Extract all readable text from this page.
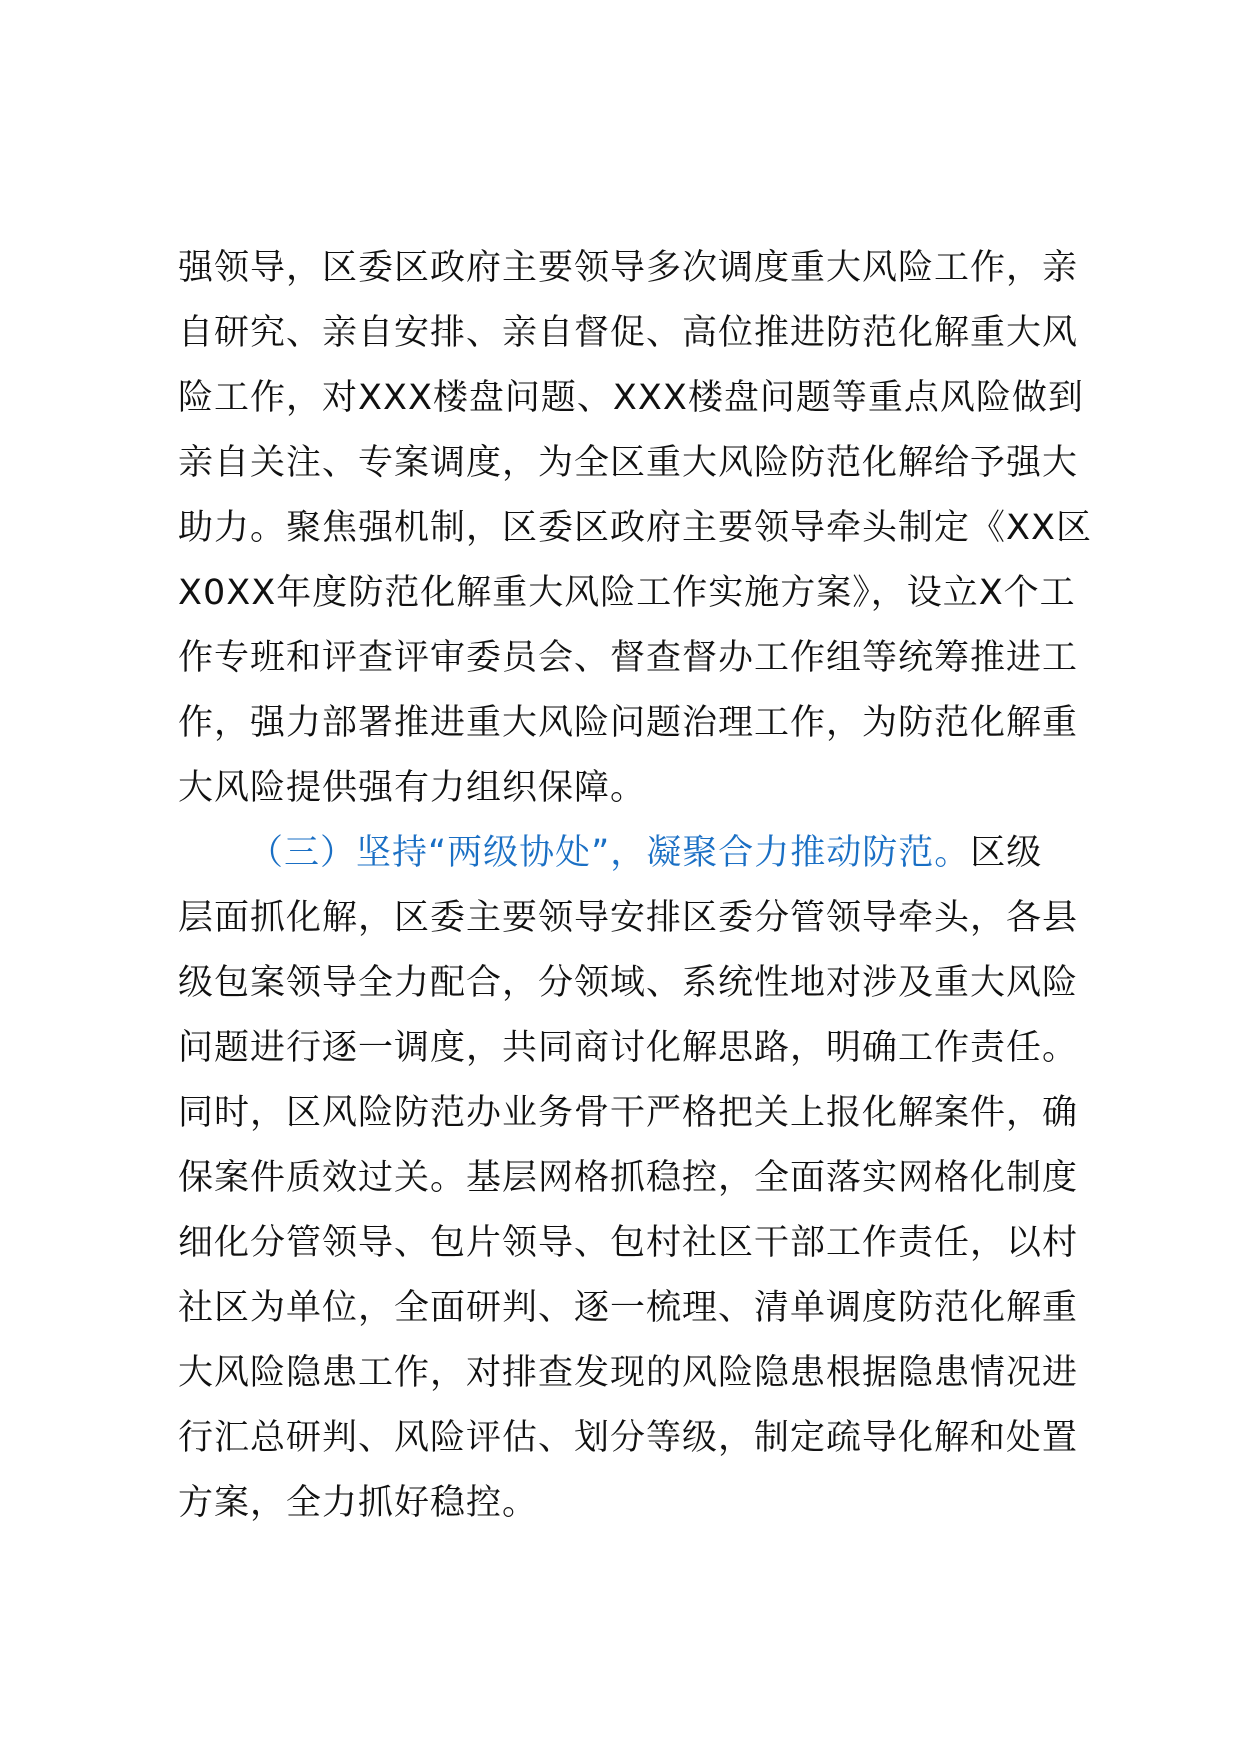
强领导，区委区政府主要领导多次调度重大风险工作，亲
自研究、亲自安排、亲自督促、高位推进防范化解重大风
险工作，对XXX楼盘问题、XXX楼盘问题等重点风险做到
亲自关注、专案调度，为全区重大风险防范化解给予强大
助力。聚焦强机制，区委区政府主要领导牵头制定《XX区
X0XX年度防范化解重大风险工作实施方案》，设立X个工
作专班和评查评审委员会、督查督办工作组等统筹推进工
作，强力部署推进重大风险问题治理工作，为防范化解重
大风险提供强有力组织保障。
（三）坚持“两级协处”，凝聚合力推动防范。区级
层面抓化解，区委主要领导安排区委分管领导牵头，各县
级包案领导全力配合，分领域、系统性地对涉及重大风险
问题进行逐一调度，共同商讨化解思路，明确工作责任。
同时，区风险防范办业务骨干严格把关上报化解案件，确
保案件质效过关。基层网格抓稳控，全面落实网格化制度
细化分管领导、包片领导、包村社区干部工作责任，以村
社区为单位，全面研判、逐一梳理、清单调度防范化解重
大风险隐患工作，对排查发现的风险隐患根据隐患情况进
行汇总研判、风险评估、划分等级，制定疏导化解和处置
方案，全力抓好稳控。
